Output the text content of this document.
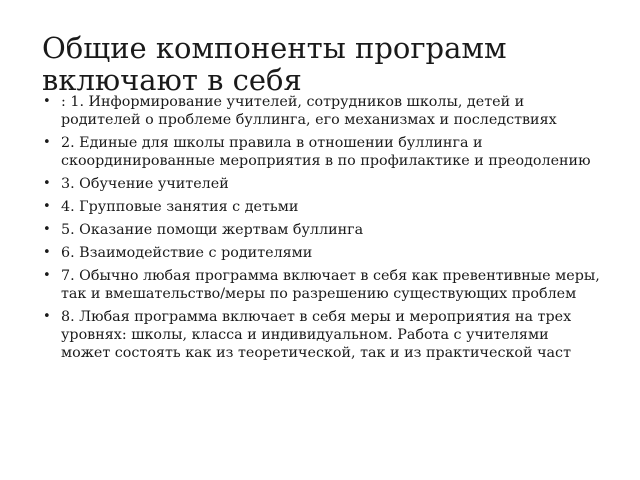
Общие компоненты программ включают в себя
• : 1. Информирование учителей, сотрудников школы, детей и родителей о проблеме буллинга, его механизмах и последствиях
• 2. Единые для школы правила в отношении буллинга и скоординированные мероприятия в по профилактике и преодолению
• 3. Обучение учителей
• 4. Групповые занятия с детьми
• 5. Оказание помощи жертвам буллинга
• 6. Взаимодействие с родителями
• 7. Обычно любая программа включает в себя как превентивные меры, так и вмешательство/меры по разрешению существующих проблем
• 8. Любая программа включает в себя меры и мероприятия на трех уровнях: школы, класса и индивидуальном. Работа с учителями может состоять как из теоретической, так и из практической част
